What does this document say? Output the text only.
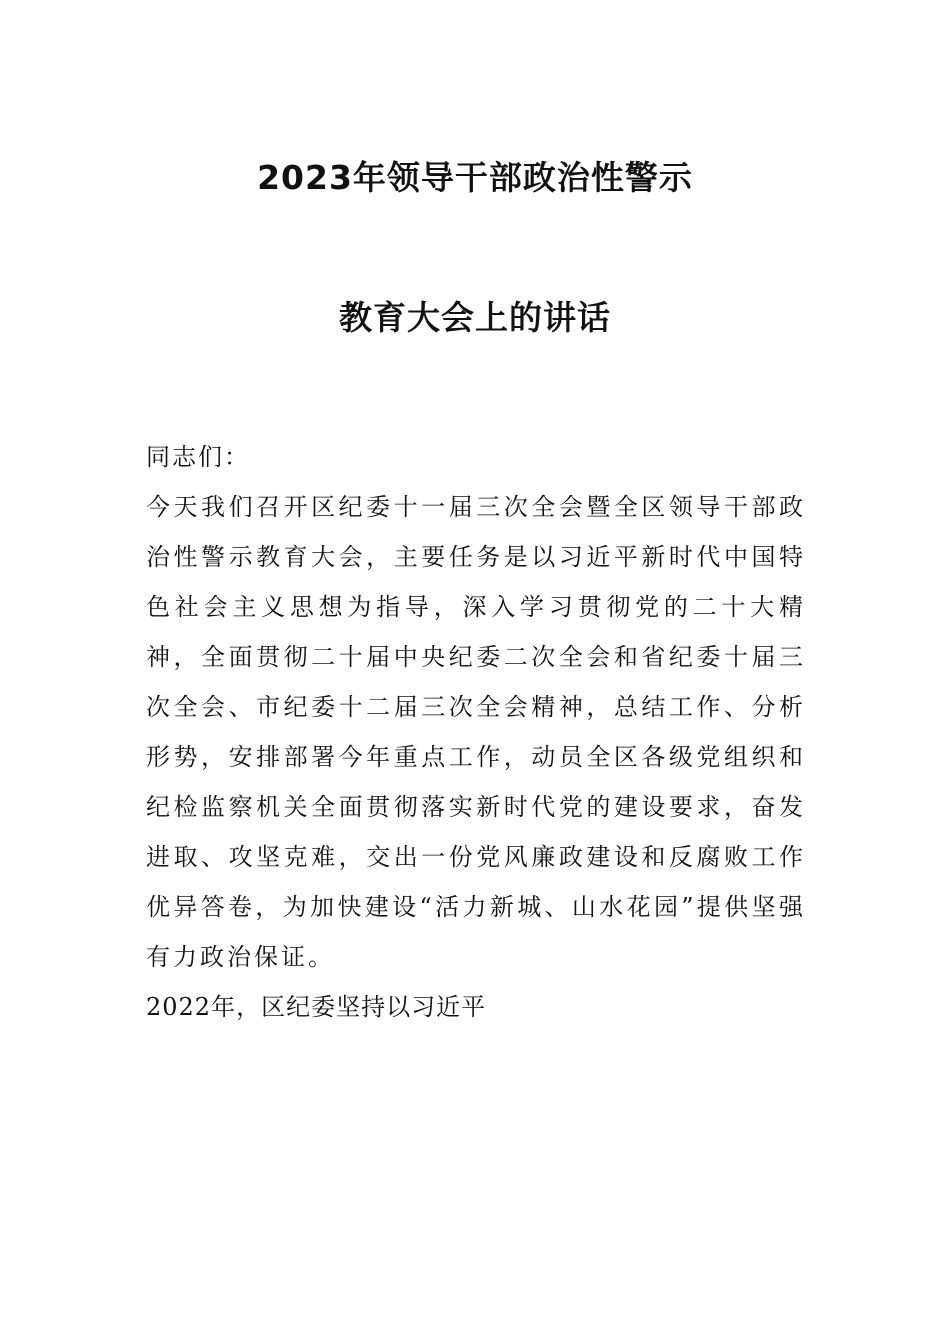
2023年领导干部政治性警示
教育大会上的讲话

同志们：

今天我们召开区纪委十一届三次全会暨全区领导干部政治性警示教育大会，主要任务是以习近平新时代中国特色社会主义思想为指导，深入学习贯彻党的二十大精神，全面贯彻二十届中央纪委二次全会和省纪委十届三次全会、市纪委十二届三次全会精神，总结工作、分析形势，安排部署今年重点工作，动员全区各级党组织和纪检监察机关全面贯彻落实新时代党的建设要求，奋发进取、攻坚克难，交出一份党风廉政建设和反腐败工作优异答卷，为加快建设“活力新城、山水花园”提供坚强有力政治保证。

2022年，区纪委坚持以习近平
